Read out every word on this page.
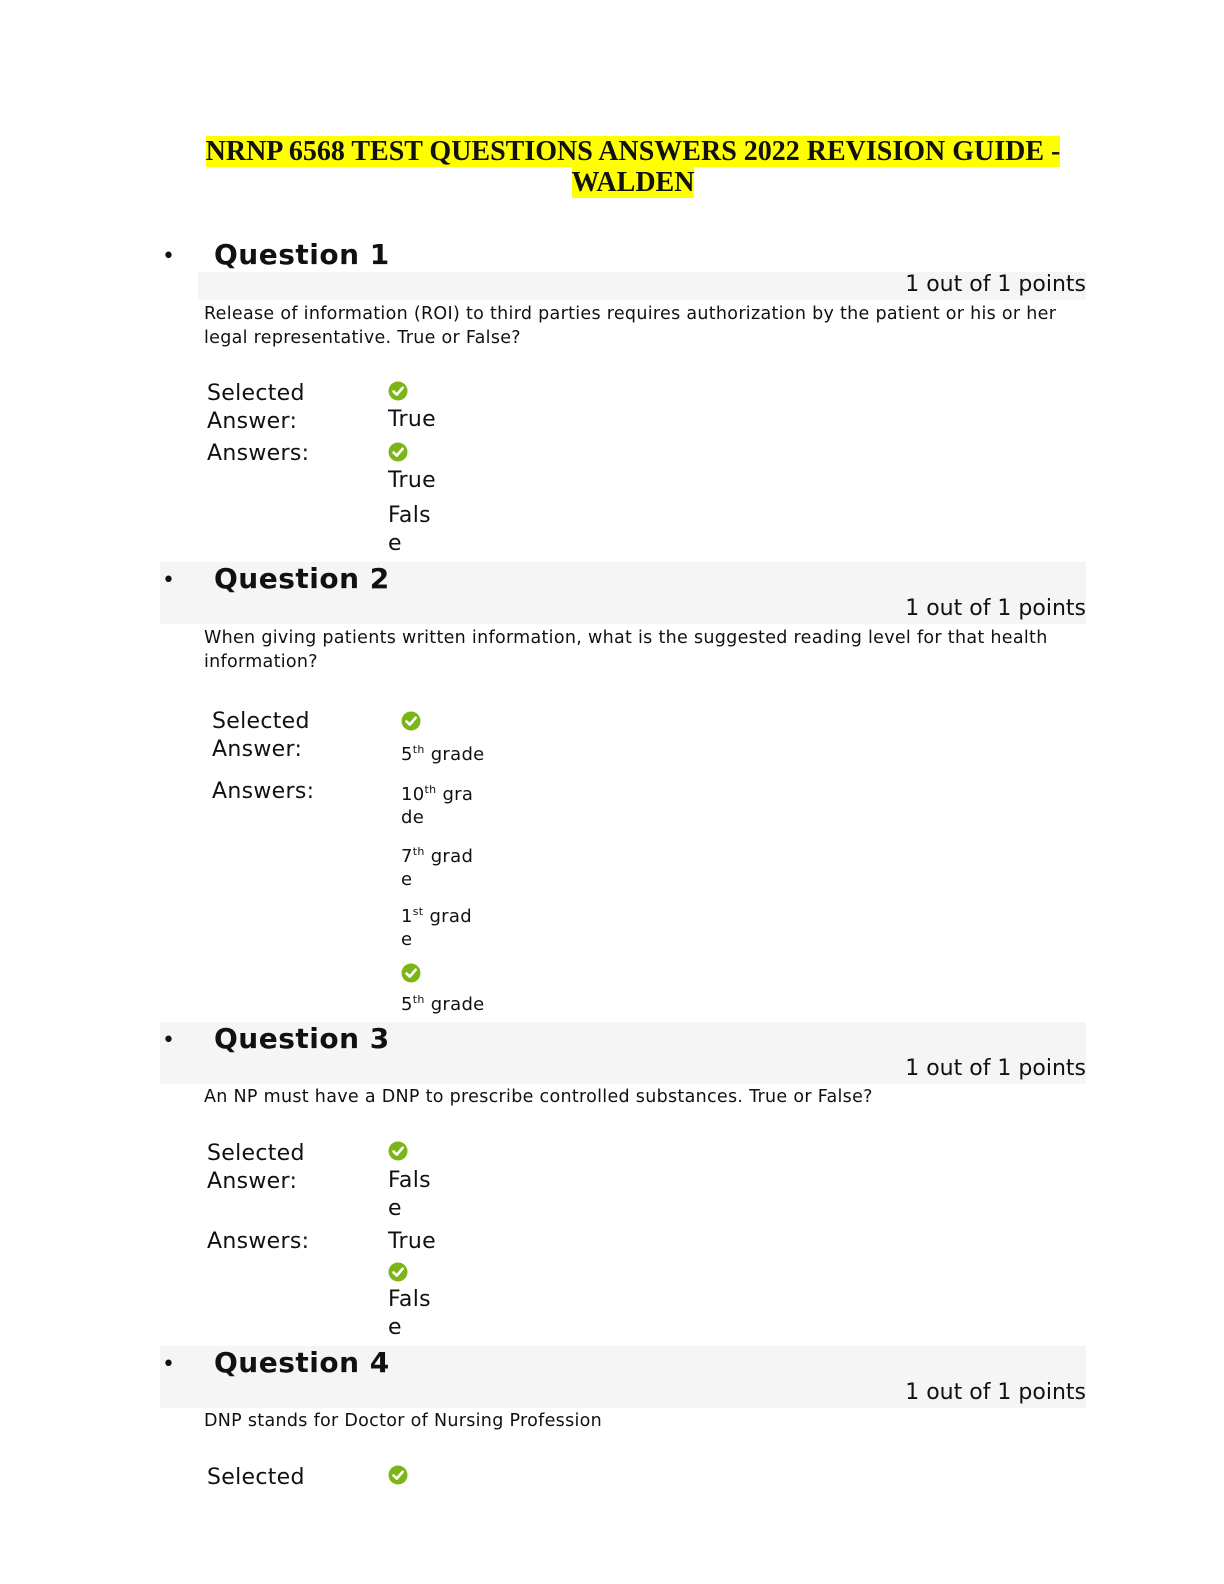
NRNP 6568 TEST QUESTIONS ANSWERS 2022 REVISION GUIDE - WALDEN
• Question 1
1 out of 1 points
Release of information (ROI) to third parties requires authorization by the patient or his or her legal representative. True or False?
Selected Answer:	True
Answers:
True
False
• Question 2
1 out of 1 points
When giving patients written information, what is the suggested reading level for that health information?
Selected Answer:	5th grade
Answers:	10th grade
7th grade
1st grade
5th grade
• Question 3
1 out of 1 points
An NP must have a DNP to prescribe controlled substances. True or False?
Selected Answer:	False
Answers:	True
False
• Question 4
1 out of 1 points
DNP stands for Doctor of Nursing Profession
Selected
